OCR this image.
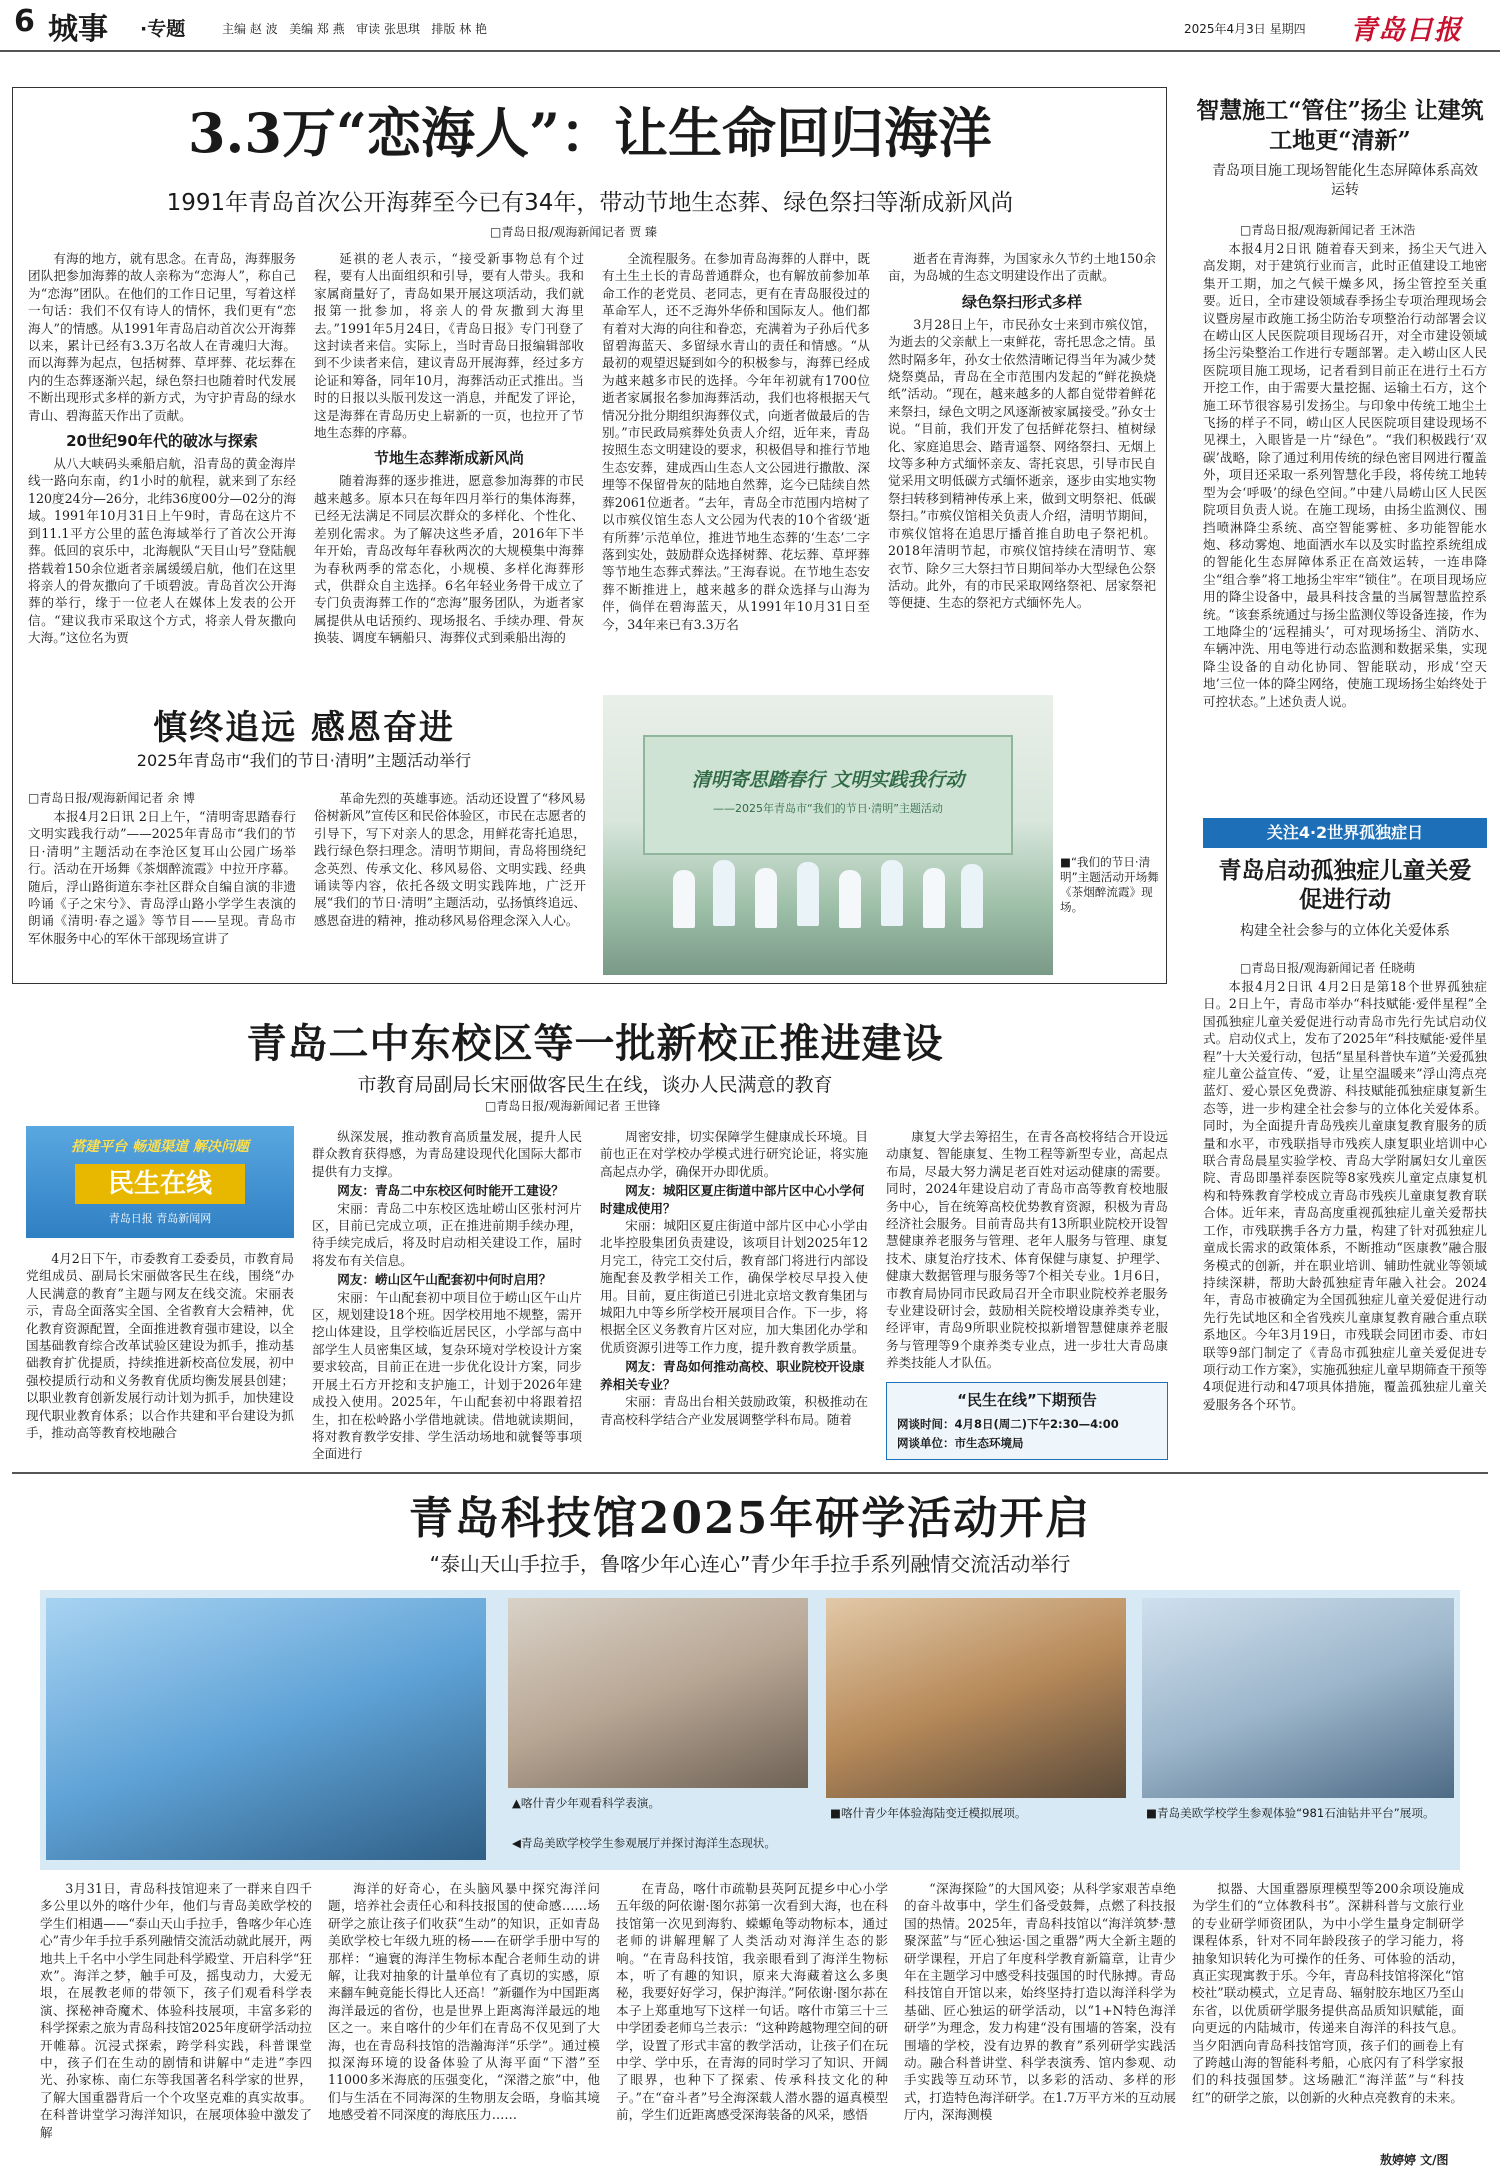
6 城事 ·专题	主编 赵 波   美编 郑 燕   审读 张思琪   排版 林 艳	2025年4月3日 星期四 青岛日报
3.3万“恋海人”：让生命回归海洋
1991年青岛首次公开海葬至今已有34年，带动节地生态葬、绿色祭扫等渐成新风尚
□青岛日报/观海新闻记者 贾 臻

有海的地方，就有思念。在青岛，海葬服务团队把参加海葬的故人亲称为“恋海人”，称自己为“恋海”团队。在他们的工作日记里，写着这样一句话：我们不仅有诗人的情怀，我们更有“恋海人”的情感。从1991年青岛启动首次公开海葬以来，累计已经有3.3万名故人在青魂归大海。而以海葬为起点，包括树葬、草坪葬、花坛葬在内的生态葬逐渐兴起，绿色祭扫也随着时代发展不断出现形式多样的新方式，为守护青岛的绿水青山、碧海蓝天作出了贡献。

20世纪90年代的破冰与探索

从八大峡码头乘船启航，沿青岛的黄金海岸线一路向东南，约1小时的航程，就来到了东经120度24分—26分，北纬36度00分—02分的海域。1991年10月31日上午9时，青岛在这片不到11.1平方公里的蓝色海域举行了首次公开海葬。低回的哀乐中，北海舰队“天目山号”登陆舰搭载着150余位逝者亲属缓缓启航，他们在这里将亲人的骨灰撒向了千顷碧波。青岛首次公开海葬的举行，缘于一位老人在媒体上发表的公开信。“建议我市采取这个方式，将亲人骨灰撒向大海。”这位名为贾

延祺的老人表示，“接受新事物总有个过程，要有人出面组织和引导，要有人带头。我和家属商量好了，青岛如果开展这项活动，我们就报第一批参加，将亲人的骨灰撒到大海里去。”1991年5月24日，《青岛日报》专门刊登了这封读者来信。实际上，当时青岛日报编辑部收到不少读者来信，建议青岛开展海葬，经过多方论证和筹备，同年10月，海葬活动正式推出。当时的日报以头版刊发这一消息，并配发了评论，这是海葬在青岛历史上崭新的一页，也拉开了节地生态葬的序幕。

节地生态葬渐成新风尚

随着海葬的逐步推进，愿意参加海葬的市民越来越多。原本只在每年四月举行的集体海葬，已经无法满足不同层次群众的多样化、个性化、差别化需求。为了解决这些矛盾，2016年下半年开始，青岛改每年春秋两次的大规模集中海葬为春秋两季的常态化，小规模、多样化海葬形式，供群众自主选择。6名年轻业务骨干成立了专门负责海葬工作的“恋海”服务团队，为逝者家属提供从电话预约、现场报名、手续办理、骨灰换装、调度车辆船只、海葬仪式到乘船出海的

全流程服务。在参加青岛海葬的人群中，既有土生土长的青岛普通群众，也有解放前参加革命工作的老党员、老同志，更有在青岛服役过的革命军人，还不乏海外华侨和国际友人。他们都有着对大海的向往和眷恋，充满着为子孙后代多留碧海蓝天、多留绿水青山的责任和情感。“从最初的观望迟疑到如今的积极参与，海葬已经成为越来越多市民的选择。今年年初就有1700位逝者家属报名参加海葬活动，我们也将根据天气情况分批分期组织海葬仪式，向逝者做最后的告别。”市民政局殡葬处负责人介绍，近年来，青岛按照生态文明建设的要求，积极倡导和推行节地生态安葬，建成西山生态人文公园进行撒散、深埋等不保留骨灰的陆地自然葬，迄今已陆续自然葬2061位逝者。“去年，青岛全市范围内培树了以市殡仪馆生态人文公园为代表的10个省级‘逝有所葬’示范单位，推进节地生态葬的‘生态’二字落到实处，鼓励群众选择树葬、花坛葬、草坪葬等节地生态葬式葬法。”王海春说。在节地生态安葬不断推进上，越来越多的群众选择与山海为伴，倘佯在碧海蓝天，从1991年10月31日至今，34年来已有3.3万名

逝者在青海葬，为国家永久节约土地150余亩，为岛城的生态文明建设作出了贡献。

绿色祭扫形式多样

3月28日上午，市民孙女士来到市殡仪馆，为逝去的父亲献上一束鲜花，寄托思念之情。虽然时隔多年，孙女士依然清晰记得当年为减少焚烧祭奠品，青岛在全市范围内发起的“鲜花换烧纸”活动。“现在，越来越多的人都自觉带着鲜花来祭扫，绿色文明之风逐渐被家属接受。”孙女士说。“目前，我们开发了包括鲜花祭扫、植树绿化、家庭追思会、踏青遥祭、网络祭扫、无烟上坟等多种方式缅怀亲友、寄托哀思，引导市民自觉采用文明低碳方式缅怀逝亲，逐步由实地实物祭扫转移到精神传承上来，做到文明祭祀、低碳祭扫。”市殡仪馆相关负责人介绍，清明节期间，市殡仪馆将在追思厅播首推自助电子祭祀机。2018年清明节起，市殡仪馆持续在清明节、寒衣节、除夕三大祭扫节日期间举办大型绿色公祭活动。此外，有的市民采取网络祭祀、居家祭祀等便捷、生态的祭祀方式缅怀先人。

慎终追远 感恩奋进
2025年青岛市“我们的节日·清明”主题活动举行
□青岛日报/观海新闻记者 余 博

本报4月2日讯 2日上午，“清明寄思踏春行 文明实践我行动”——2025年青岛市“我们的节日·清明”主题活动在李沧区复耳山公园广场举行。活动在开场舞《茶烟醉流霞》中拉开序幕。随后，浮山路街道东李社区群众自编自演的非遗吟诵《子之宋兮》、青岛浮山路小学学生表演的朗诵《清明·春之遥》等节目——呈现。青岛市军休服务中心的军休干部现场宣讲了

革命先烈的英雄事迹。活动还设置了“移风易俗树新风”宣传区和民俗体验区，市民在志愿者的引导下，写下对亲人的思念，用鲜花寄托追思，践行绿色祭扫理念。清明节期间，青岛将围绕纪念英烈、传承文化、移风易俗、文明实践、经典诵读等内容，依托各级文明实践阵地，广泛开展“我们的节日·清明”主题活动，弘扬慎终追远、感恩奋进的精神，推动移风易俗理念深入人心。

清明寄思踏春行 文明实践我行动
——2025年青岛市“我们的节日·清明”主题活动
■“我们的节日·清明”主题活动开场舞《茶烟醉流霞》现场。
智慧施工“管住”扬尘 让建筑工地更“清新”
青岛项目施工现场智能化生态屏障体系高效运转
□青岛日报/观海新闻记者 王沐浩

本报4月2日讯 随着春天到来，扬尘天气进入高发期，对于建筑行业而言，此时正值建设工地密集开工期，加之气候干燥多风，扬尘管控至关重要。近日，全市建设领域春季扬尘专项治理现场会议暨房屋市政施工扬尘防治专项整治行动部署会议在崂山区人民医院项目现场召开，对全市建设领域扬尘污染整治工作进行专题部署。走入崂山区人民医院项目施工现场，记者看到目前正在进行土石方开挖工作，由于需要大量挖掘、运输土石方，这个施工环节很容易引发扬尘。与印象中传统工地尘土飞扬的样子不同，崂山区人民医院项目建设现场不见裸土，入眼皆是一片“绿色”。“我们积极践行‘双碳’战略，除了通过利用传统的绿色密目网进行覆盖外，项目还采取一系列智慧化手段，将传统工地转型为会‘呼吸’的绿色空间。”中建八局崂山区人民医院项目负责人说。在施工现场，由扬尘监测仪、围挡喷淋降尘系统、高空智能雾桩、多功能智能水炮、移动雾炮、地面洒水车以及实时监控系统组成的智能化生态屏障体系正在高效运转，一连串降尘“组合拳”将工地扬尘牢牢“锁住”。在项目现场应用的降尘设备中，最具科技含量的当属智慧监控系统。“该套系统通过与扬尘监测仪等设备连接，作为工地降尘的‘远程捕头’，可对现场扬尘、消防水、车辆冲洗、用电等进行动态监测和数据采集，实现降尘设备的自动化协同、智能联动，形成‘空天地’三位一体的降尘网络，使施工现场扬尘始终处于可控状态。”上述负责人说。

关注4·2世界孤独症日
青岛启动孤独症儿童关爱促进行动
构建全社会参与的立体化关爱体系
□青岛日报/观海新闻记者 任晓萌

本报4月2日讯 4月2日是第18个世界孤独症日。2日上午，青岛市举办“科技赋能·爱伴星程”全国孤独症儿童关爱促进行动青岛市先行先试启动仪式。启动仪式上，发布了2025年“科技赋能·爱伴星程”十大关爱行动，包括“星星科普快车道”关爱孤独症儿童公益宣传、“爱，让星空温暖来”浮山湾点亮蓝灯、爱心景区免费游、科技赋能孤独症康复新生态等，进一步构建全社会参与的立体化关爱体系。同时，为全面提升青岛残疾儿童康复教育服务的质量和水平，市残联指导市残疾人康复职业培训中心联合青岛晨星实验学校、青岛大学附属妇女儿童医院、青岛即墨祥泰医院等8家残疾儿童定点康复机构和特殊教育学校成立青岛市残疾儿童康复教育联合体。近年来，青岛高度重视孤独症儿童关爱帮扶工作，市残联携手各方力量，构建了针对孤独症儿童成长需求的政策体系，不断推动“医康教”融合服务模式的创新，并在职业培训、辅助性就业等领域持续深耕，帮助大龄孤独症青年融入社会。2024年，青岛市被确定为全国孤独症儿童关爱促进行动先行先试地区和全省残疾儿童康复教育融合重点联系地区。今年3月19日，市残联会同团市委、市妇联等9部门制定了《青岛市孤独症儿童关爱促进专项行动工作方案》，实施孤独症儿童早期筛查干预等4项促进行动和47项具体措施，覆盖孤独症儿童关爱服务各个环节。

青岛二中东校区等一批新校正推进建设
市教育局副局长宋丽做客民生在线，谈办人民满意的教育
□青岛日报/观海新闻记者 王世锋
搭建平台 畅通渠道 解决问题
民生在线
青岛日报 青岛新闻网

4月2日下午，市委教育工委委员，市教育局党组成员、副局长宋丽做客民生在线，围绕“办人民满意的教育”主题与网友在线交流。宋丽表示，青岛全面落实全国、全省教育大会精神，优化教育资源配置，全面推进教育强市建设，以全国基础教育综合改革试验区建设为抓手，推动基础教育扩优提质，持续推进新校高位发展，初中强校提质行动和义务教育优质均衡发展县创建；以职业教育创新发展行动计划为抓手，加快建设现代职业教育体系；以合作共建和平台建设为抓手，推动高等教育校地融合

纵深发展，推动教育高质量发展，提升人民群众教育获得感，为青岛建设现代化国际大都市提供有力支撑。

网友：青岛二中东校区何时能开工建设？

宋丽：青岛二中东校区选址崂山区张村河片区，目前已完成立项，正在推进前期手续办理，待手续完成后，将及时启动相关建设工作，届时将发布有关信息。

网友：崂山区午山配套初中何时启用？

宋丽：午山配套初中项目位于崂山区午山片区，规划建设18个班。因学校用地不规整，需开挖山体建设，且学校临近居民区，小学部与高中部学生人员密集区域，复杂环境对学校设计方案要求较高，目前正在进一步优化设计方案，同步开展土石方开挖和支护施工，计划于2026年建成投入使用。2025年，午山配套初中将跟着招生，扣在松岭路小学借地就读。借地就读期间，将对教育教学安排、学生活动场地和就餐等事项全面进行

周密安排，切实保障学生健康成长环境。目前也正在对学校办学模式进行研究论证，将实施高起点办学，确保开办即优质。

网友：城阳区夏庄街道中部片区中心小学何时建成使用？

宋丽：城阳区夏庄街道中部片区中心小学由北毕控股集团负责建设，该项目计划2025年12月完工，待完工交付后，教育部门将进行内部设施配套及教学相关工作，确保学校尽早投入使用。目前，夏庄街道已引进北京培文教育集团与城阳九中等乡所学校开展项目合作。下一步，将根据全区义务教育片区对应，加大集团化办学和优质资源引进等工作力度，提升教育教学质量。

网友：青岛如何推动高校、职业院校开设康养相关专业？

宋丽：青岛出台相关鼓励政策，积极推动在青高校科学结合产业发展调整学科布局。随着

康复大学去筹招生，在青各高校将结合开设远动康复、智能康复、生物工程等新型专业，高起点布局，尽最大努力满足老百姓对运动健康的需要。同时，2024年建设启动了青岛市高等教育校地服务中心，旨在统筹高校优势教育资源，积极为青岛经济社会服务。目前青岛共有13所职业院校开设智慧健康养老服务与管理、老年人服务与管理、康复技术、康复治疗技术、体育保健与康复、护理学、健康大数据管理与服务等7个相关专业。1月6日，市教育局协同市民政局召开全市职业院校养老服务专业建设研讨会，鼓励相关院校增设康养类专业，经评审，青岛9所职业院校拟新增智慧健康养老服务与管理等9个康养类专业点，进一步壮大青岛康养类技能人才队伍。

“民生在线”下期预告
网谈时间：4月8日(周二)下午2:30—4:00
网谈单位：市生态环境局
青岛科技馆2025年研学活动开启
“泰山天山手拉手，鲁喀少年心连心”青少年手拉手系列融情交流活动举行
▲喀什青少年观看科学表演。
◀青岛美欧学校学生参观展厅并探讨海洋生态现状。
■喀什青少年体验海陆变迁模拟展项。	■青岛美欧学校学生参观体验“981石油钻井平台”展项。

3月31日，青岛科技馆迎来了一群来自四千多公里以外的喀什少年，他们与青岛美欧学校的学生们相遇——“泰山天山手拉手，鲁喀少年心连心”青少年手拉手系列融情交流活动就此展开，两地共上千名中小学生同赴科学殿堂、开启科学“狂欢”。海洋之梦，触手可及，摇曳动力，大爱无垠，在展教老师的带领下，孩子们观看科学表演、探秘神奇魔术、体验科技展项，丰富多彩的科学探索之旅为青岛科技馆2025年度研学活动拉开帷幕。沉浸式探索，跨学科实践，科普课堂中，孩子们在生动的剧情和讲解中“走进”李四光、孙家栋、南仁东等我国著名科学家的世界，了解大国重器背后一个个攻坚克难的真实故事。在科普讲堂学习海洋知识，在展项体验中激发了解

海洋的好奇心，在头脑风暴中探究海洋问题，培养社会责任心和科技报国的使命感……场研学之旅让孩子们收获“生动”的知识，正如青岛美欧学校七年级九班的杨——在研学手册中写的那样：“遍寰的海洋生物标本配合老师生动的讲解，让我对抽象的计量单位有了真切的实感，原来翻车鲀竟能长得比人还高！”新疆作为中国距离海洋最远的省份，也是世界上距离海洋最远的地区之一。来自喀什的少年们在青岛不仅见到了大海，也在青岛科技馆的浩瀚海洋“乐学”。通过模拟深海环境的设备体验了从海平面“下潜”至11000多米海底的压强变化，“深潜之旅”中，他们与生活在不同海深的生物朋友会晤，身临其境地感受着不同深度的海底压力……

在青岛，喀什市疏勒县英阿瓦提乡中心小学五年级的阿依谢·图尔荪第一次看到大海，也在科技馆第一次见到海豹、蝾螈龟等动物标本，通过老师的讲解理解了人类活动对海洋生态的影响。“在青岛科技馆，我亲眼看到了海洋生物标本，听了有趣的知识，原来大海藏着这么多奥秘，我要好好学习，保护海洋。”阿依谢·图尔荪在本子上郑重地写下这样一句话。喀什市第三十三中学团委老师乌兰表示：“这种跨越物理空间的研学，设置了形式丰富的教学活动，让孩子们在玩中学、学中乐，在青海的同时学习了知识、开阔了眼界，也种下了探索、传承科技文化的种子。”在“奋斗者”号全海深载人潜水器的逼真模型前，学生们近距离感受深海装备的风采，感悟

“深海探险”的大国风姿；从科学家艰苦卓绝的奋斗故事中，学生们备受鼓舞，点燃了科技报国的热情。2025年，青岛科技馆以“海洋筑梦·慧聚深蓝”与“匠心独运·国之重器”两大全新主题的研学课程，开启了年度科学教育新篇章，让青少年在主题学习中感受科技强国的时代脉搏。青岛科技馆自开馆以来，始终坚持打造以海洋科学为基础、匠心独运的研学活动，以“1+N特色海洋研学”为理念，发力构建“没有围墙的答案，没有围墙的学校，没有边界的教育”系列研学实践活动。融合科普讲堂、科学表演秀、馆内参观、动手实践等互动环节，以多彩的活动、多样的形式，打造特色海洋研学。在1.7万平方米的互动展厅内，深海测模

拟器、大国重器原理模型等200余项设施成为学生们的“立体教科书”。深耕科普与文旅行业的专业研学师资团队，为中小学生量身定制研学课程体系，针对不同年龄段孩子的学习能力，将抽象知识转化为可操作的任务、可体验的活动，真正实现寓教于乐。今年，青岛科技馆将深化“馆校社”联动模式，立足青岛、辐射胶东地区乃至山东省，以优质研学服务提供高品质知识赋能，面向更远的内陆城市，传递来自海洋的科技气息。当夕阳洒向青岛科技馆穹顶，孩子们的画卷上有了跨越山海的智能科考船，心底闪有了科学家报们的科技强国梦。这场融汇“海洋蓝”与“科技红”的研学之旅，以创新的火种点亮教育的未来。

敖婷婷 文/图
